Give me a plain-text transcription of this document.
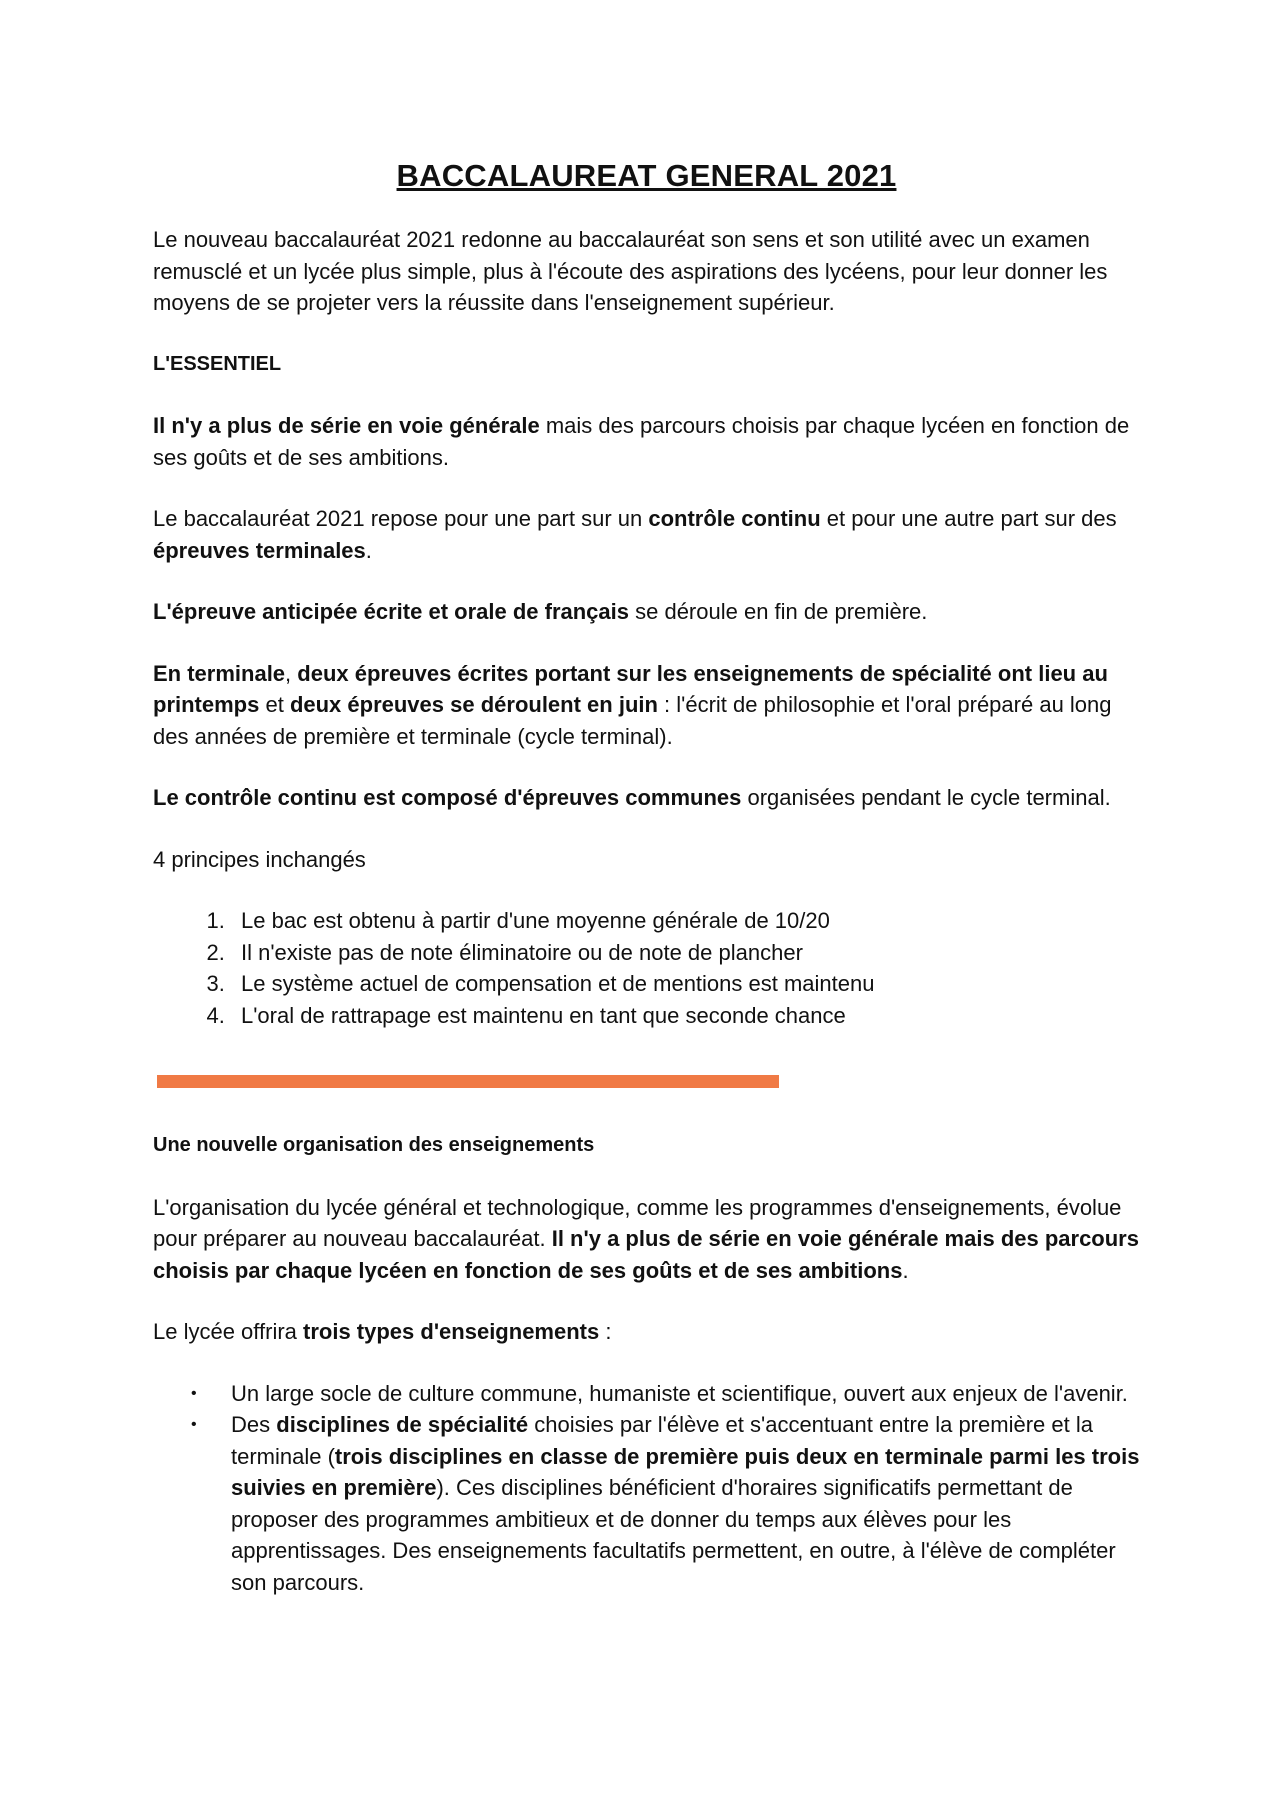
BACCALAUREAT GENERAL 2021

Le nouveau baccalauréat 2021 redonne au baccalauréat son sens et son utilité avec un examen remusclé et un lycée plus simple, plus à l'écoute des aspirations des lycéens, pour leur donner les moyens de se projeter vers la réussite dans l'enseignement supérieur.

L'ESSENTIEL

Il n'y a plus de série en voie générale mais des parcours choisis par chaque lycéen en fonction de ses goûts et de ses ambitions.

Le baccalauréat 2021 repose pour une part sur un contrôle continu et pour une autre part sur des épreuves terminales.

L'épreuve anticipée écrite et orale de français se déroule en fin de première.

En terminale, deux épreuves écrites portant sur les enseignements de spécialité ont lieu au printemps et deux épreuves se déroulent en juin : l'écrit de philosophie et l'oral préparé au long des années de première et terminale (cycle terminal).

Le contrôle continu est composé d'épreuves communes organisées pendant le cycle terminal.

4 principes inchangés

1. Le bac est obtenu à partir d'une moyenne générale de 10/20
2. Il n'existe pas de note éliminatoire ou de note de plancher
3. Le système actuel de compensation et de mentions est maintenu
4. L'oral de rattrapage est maintenu en tant que seconde chance

Une nouvelle organisation des enseignements

L'organisation du lycée général et technologique, comme les programmes d'enseignements, évolue pour préparer au nouveau baccalauréat. Il n'y a plus de série en voie générale mais des parcours choisis par chaque lycéen en fonction de ses goûts et de ses ambitions.

Le lycée offrira trois types d'enseignements :

• Un large socle de culture commune, humaniste et scientifique, ouvert aux enjeux de l'avenir.
• Des disciplines de spécialité choisies par l'élève et s'accentuant entre la première et la terminale (trois disciplines en classe de première puis deux en terminale parmi les trois suivies en première). Ces disciplines bénéficient d'horaires significatifs permettant de proposer des programmes ambitieux et de donner du temps aux élèves pour les apprentissages. Des enseignements facultatifs permettent, en outre, à l'élève de compléter son parcours.
